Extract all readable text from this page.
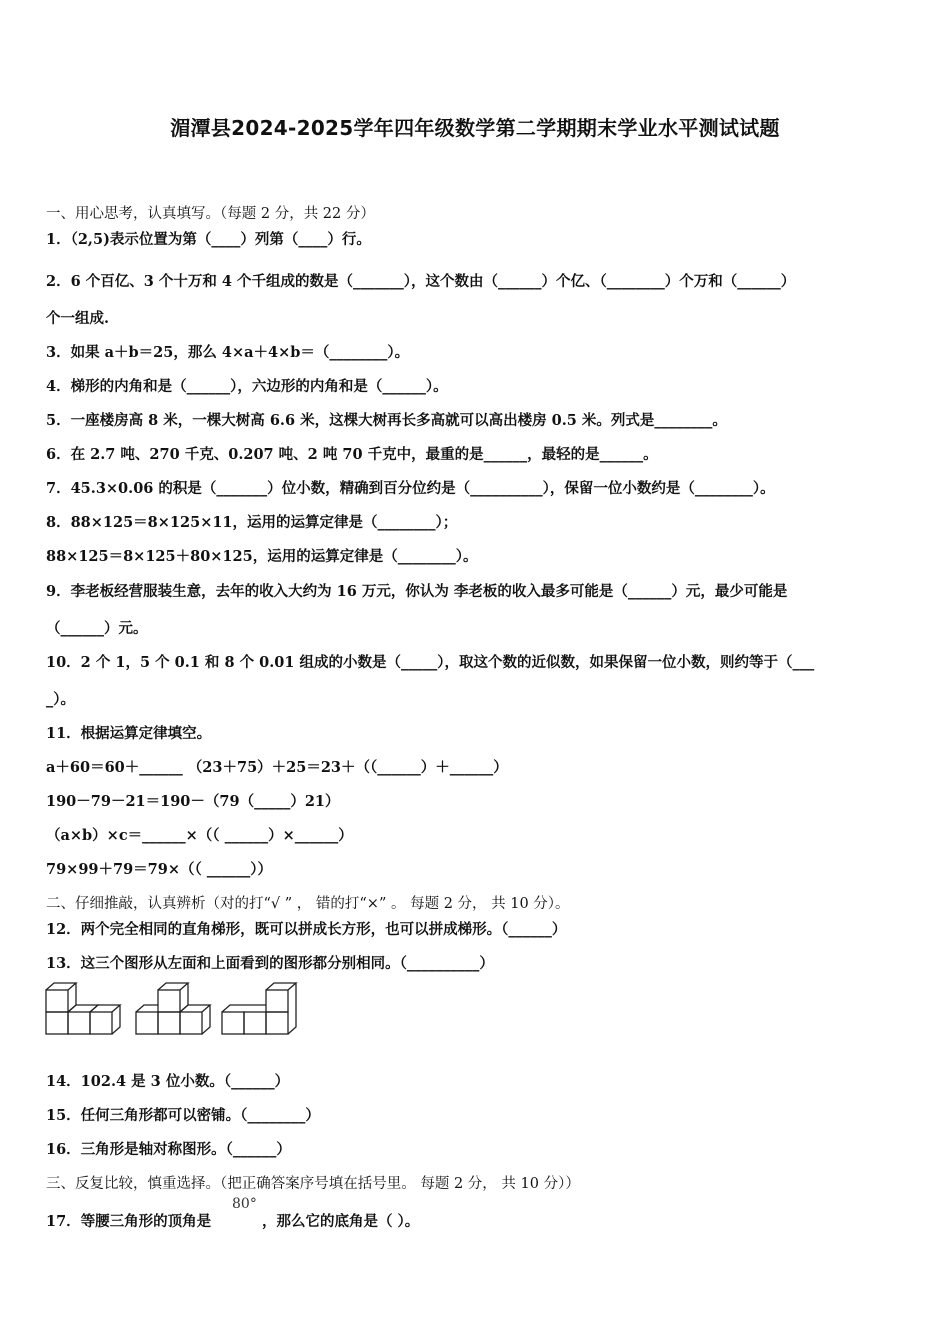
湄潭县2024-2025学年四年级数学第二学期期末学业水平测试试题
一、用心思考，认真填写。（每题 2 分，共 22 分）
1．（2,5)表示位置为第（____）列第（____）行。
2．6 个百亿、3 个十万和 4 个千组成的数是（_______），这个数由（______）个亿、（________）个万和（______）
个一组成.
3．如果 a＋b＝25，那么 4×a＋4×b＝（________）。
4．梯形的内角和是（______），六边形的内角和是（______）。
5．一座楼房高 8 米，一棵大树高 6.6 米，这棵大树再长多高就可以高出楼房 0.5 米。列式是________。
6．在 2.7 吨、270 千克、0.207 吨、2 吨 70 千克中，最重的是______，最轻的是______。
7．45.3×0.06 的积是（_______）位小数，精确到百分位约是（__________），保留一位小数约是（________）。
8．88×125＝8×125×11，运用的运算定律是（________）；
88×125＝8×125＋80×125，运用的运算定律是（________）。
9．李老板经营服装生意，去年的收入大约为 16 万元，你认为 李老板的收入最多可能是（______）元，最少可能是
（______）元。
10．2 个 1，5 个 0.1 和 8 个 0.01 组成的小数是（_____），取这个数的近似数，如果保留一位小数，则约等于（___
_）。
11．根据运算定律填空。
a＋60＝60＋______ （23＋75）＋25＝23＋（（______）＋______）
190－79－21＝190－（79（_____）21）
（a×b）×c＝______×（（ ______）×______）
79×99＋79＝79×（（ ______））
二、仔细推敲，认真辨析（对的打“√ ” ， 错的打“×” 。 每题 2 分， 共 10 分）。
12．两个完全相同的直角梯形，既可以拼成长方形，也可以拼成梯形。（______）
13．这三个图形从左面和上面看到的图形都分别相同。（__________）
14．102.4 是 3 位小数。（______）
15．任何三角形都可以密铺。（________）
16．三角形是轴对称图形。（______）
三、反复比较，慎重选择。（把正确答案序号填在括号里。 每题 2 分， 共 10 分））
17．等腰三角形的顶角是
80°
，那么它的底角是（ ）。
